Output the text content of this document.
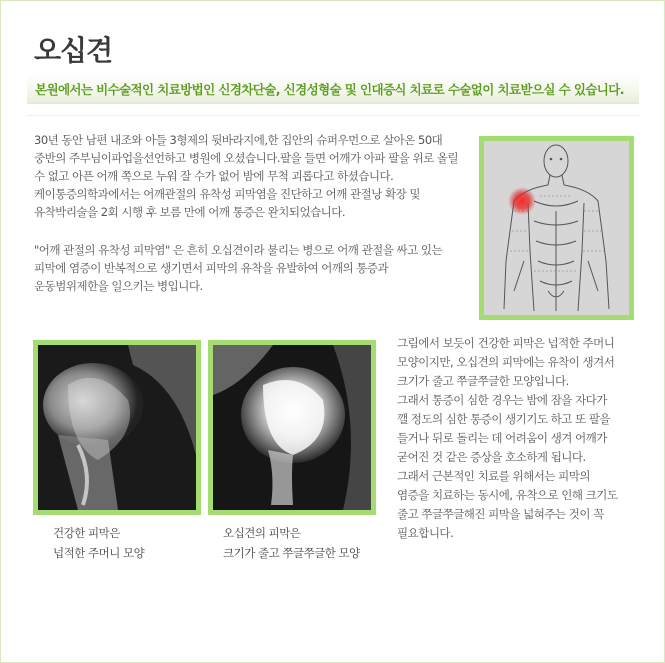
오십견
본원에서는 비수술적인 치료방법인 신경차단술, 신경성형술 및 인대증식 치료로 수술없이 치료받으실 수 있습니다.
30년 동안 남편 내조와 아들 3형제의 뒷바라지에,한 집안의 슈퍼우먼으로 살아온 50대
중반의 주부님이파업을선언하고 병원에 오셨습니다.팔을 들면 어깨가 아파 팔을 위로 올릴
수 없고 아픈 어깨 쪽으로 누워 잘 수가 없어 밤에 무척 괴롭다고 하셨습니다.
케이통증의학과에서는 어깨관절의 유착성 피막염을 진단하고 어깨 관절낭 확장 및
유착박리술을 2회 시행 후 보름 만에 어깨 통증은 완치되었습니다.
"어깨 관절의 유착성 피막염" 은 흔히 오십견이라 불리는 병으로 어깨 관절을 싸고 있는
피막에 염증이 반복적으로 생기면서 피막의 유착을 유발하여 어깨의 통증과
운동범위제한을 일으키는 병입니다.
건강한 피막은
넙적한 주머니 모양
오십견의 피막은
크기가 줄고 쭈글쭈글한 모양
그림에서 보듯이 건강한 피막은 넙적한 주머니
모양이지만, 오십견의 피막에는 유착이 생겨서
크기가 줄고 쭈글쭈글한 모양입니다.
그래서 통증이 심한 경우는 밤에 잠을 자다가
깰 정도의 심한 통증이 생기기도 하고 또 팔을
들거나 뒤로 돌리는 데 어려움이 생겨 어깨가
굳어진 것 같은 증상을 호소하게 됩니다.
그래서 근본적인 치료를 위해서는 피막의
염증을 치료하는 동시에, 유착으로 인해 크기도
줄고 쭈글쭈글해진 피막을 넓혀주는 것이 꼭
필요합니다.
